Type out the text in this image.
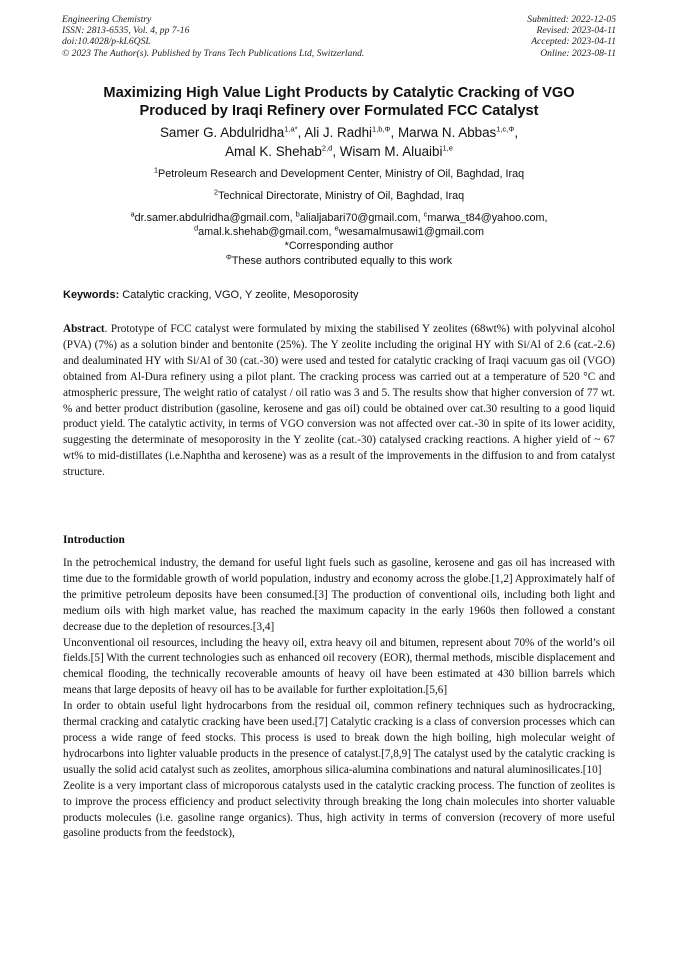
Engineering Chemistry
ISSN: 2813-6535, Vol. 4, pp 7-16
doi:10.4028/p-kL6QSL
© 2023 The Author(s). Published by Trans Tech Publications Ltd, Switzerland.
Submitted: 2022-12-05
Revised: 2023-04-11
Accepted: 2023-04-11
Online: 2023-08-11
Maximizing High Value Light Products by Catalytic Cracking of VGO
Produced by Iraqi Refinery over Formulated FCC Catalyst
Samer G. Abdulridha$^{1,a*}$, Ali J. Radhi$^{1,b,\Phi}$, Marwa N. Abbas$^{1,c,\Phi}$,
Amal K. Shehab$^{2,d}$, Wisam M. Aluaibi$^{1,e}$
$^1$Petroleum Research and Development Center, Ministry of Oil, Baghdad, Iraq
$^2$Technical Directorate, Ministry of Oil, Baghdad, Iraq
$^a$dr.samer.abdulridha@gmail.com, $^b$alialjabari70@gmail.com, $^c$marwa_t84@yahoo.com,
$^d$amal.k.shehab@gmail.com, $^e$wesamalmusawi1@gmail.com
*Corresponding author
$^\Phi$These authors contributed equally to this work
Keywords: Catalytic cracking, VGO, Y zeolite, Mesoporosity
Abstract. Prototype of FCC catalyst were formulated by mixing the stabilised Y zeolites (68wt%) with polyvinal alcohol (PVA) (7%) as a solution binder and bentonite (25%). The Y zeolite including the original HY with Si/Al of 2.6 (cat.-2.6) and dealuminated HY with Si/Al of 30 (cat.-30) were used and tested for catalytic cracking of Iraqi vacuum gas oil (VGO) obtained from Al-Dura refinery using a pilot plant. The cracking process was carried out at a temperature of 520 °C and atmospheric pressure, The weight ratio of catalyst / oil ratio was 3 and 5. The results show that higher conversion of 77 wt. % and better product distribution (gasoline, kerosene and gas oil) could be obtained over cat.30 resulting to a good liquid product yield. The catalytic activity, in terms of VGO conversion was not affected over cat.-30 in spite of its lower acidity, suggesting the determinate of mesoporosity in the Y zeolite (cat.-30) catalysed cracking reactions. A higher yield of ~ 67 wt% to mid-distillates (i.e.Naphtha and kerosene) was as a result of the improvements in the diffusion to and from catalyst structure.
Introduction

In the petrochemical industry, the demand for useful light fuels such as gasoline, kerosene and gas oil has increased with time due to the formidable growth of world population, industry and economy across the globe.[1,2] Approximately half of the primitive petroleum deposits have been consumed.[3] The production of conventional oils, including both light and medium oils with high market value, has reached the maximum capacity in the early 1960s then followed a constant decrease due to the depletion of resources.[3,4]

Unconventional oil resources, including the heavy oil, extra heavy oil and bitumen, represent about 70% of the world’s oil fields.[5] With the current technologies such as enhanced oil recovery (EOR), thermal methods, miscible displacement and chemical flooding, the technically recoverable amounts of heavy oil have been estimated at 430 billion barrels which means that large deposits of heavy oil has to be available for further exploitation.[5,6]

In order to obtain useful light hydrocarbons from the residual oil, common refinery techniques such as hydrocracking, thermal cracking and catalytic cracking have been used.[7] Catalytic cracking is a class of conversion processes which can process a wide range of feed stocks. This process is used to break down the high boiling, high molecular weight of hydrocarbons into lighter valuable products in the presence of catalyst.[7,8,9] The catalyst used by the catalytic cracking is usually the solid acid catalyst such as zeolites, amorphous silica-alumina combinations and natural aluminosilicates.[10]

Zeolite is a very important class of microporous catalysts used in the catalytic cracking process. The function of zeolites is to improve the process efficiency and product selectivity through breaking the long chain molecules into shorter valuable products molecules (i.e. gasoline range organics). Thus, high activity in terms of conversion (recovery of more useful gasoline products from the feedstock),
